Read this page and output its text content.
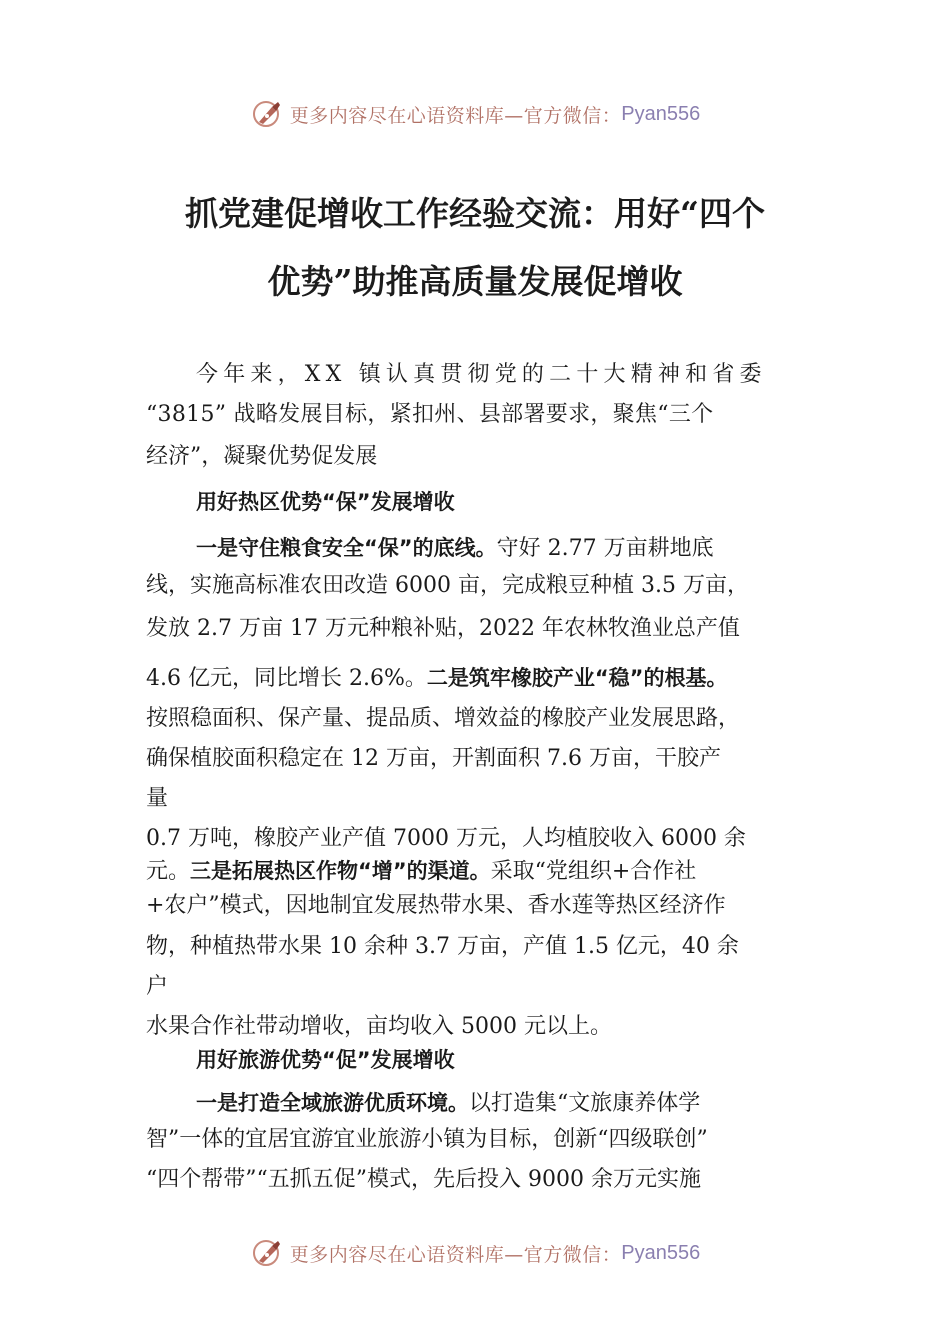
更多内容尽在心语资料库—官方微信： Pyan556
抓党建促增收工作经验交流：用好“四个
优势”助推高质量发展促增收
今年来，XX 镇认真贯彻党的二十大精神和省委
“3815” 战略发展目标，紧扣州、县部署要求，聚焦“三个
经济”，凝聚优势促发展
用好热区优势“保”发展增收
一是守住粮食安全“保”的底线。守好 2.77 万亩耕地底
线，实施高标准农田改造 6000 亩，完成粮豆种植 3.5 万亩，
发放 2.7 万亩 17 万元种粮补贴，2022 年农林牧渔业总产值
4.6 亿元，同比增长 2.6%。二是筑牢橡胶产业“稳”的根基。
按照稳面积、保产量、提品质、增效益的橡胶产业发展思路，
确保植胶面积稳定在 12 万亩，开割面积 7.6 万亩，干胶产
量
0.7 万吨，橡胶产业产值 7000 万元，人均植胶收入 6000 余
元。三是拓展热区作物“增”的渠道。采取“党组织+合作社
+农户”模式，因地制宜发展热带水果、香水莲等热区经济作
物，种植热带水果 10 余种 3.7 万亩，产值 1.5 亿元，40 余
户
水果合作社带动增收，亩均收入 5000 元以上。
用好旅游优势“促”发展增收
一是打造全域旅游优质环境。以打造集“文旅康养体学
智”一体的宜居宜游宜业旅游小镇为目标，创新“四级联创”
“四个帮带”“五抓五促”模式，先后投入 9000 余万元实施
更多内容尽在心语资料库—官方微信： Pyan556
